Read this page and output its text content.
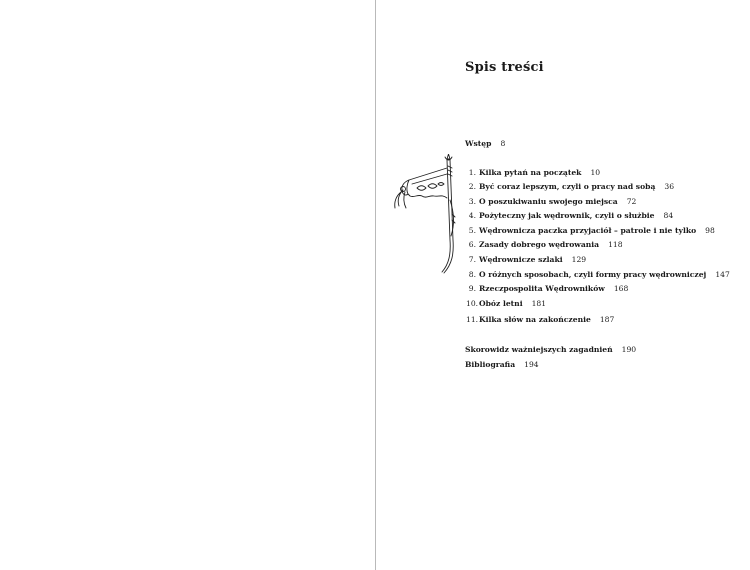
Spis treści
Wstęp 8
1. Kilka pytań na początek 10
2. Być coraz lepszym, czyli o pracy nad sobą 36
3. O poszukiwaniu swojego miejsca 72
4. Pożyteczny jak wędrownik, czyli o służbie 84
5. Wędrownicza paczka przyjaciół – patrole i nie tylko 98
6. Zasady dobrego wędrowania 118
7. Wędrownicze szlaki 129
8. O różnych sposobach, czyli formy pracy wędrowniczej 147
9. Rzeczpospolita Wędrowników 168
10. Obóz letni 181
11. Kilka słów na zakończenie 187
Skorowidz ważniejszych zagadnień 190
Bibliografia 194
